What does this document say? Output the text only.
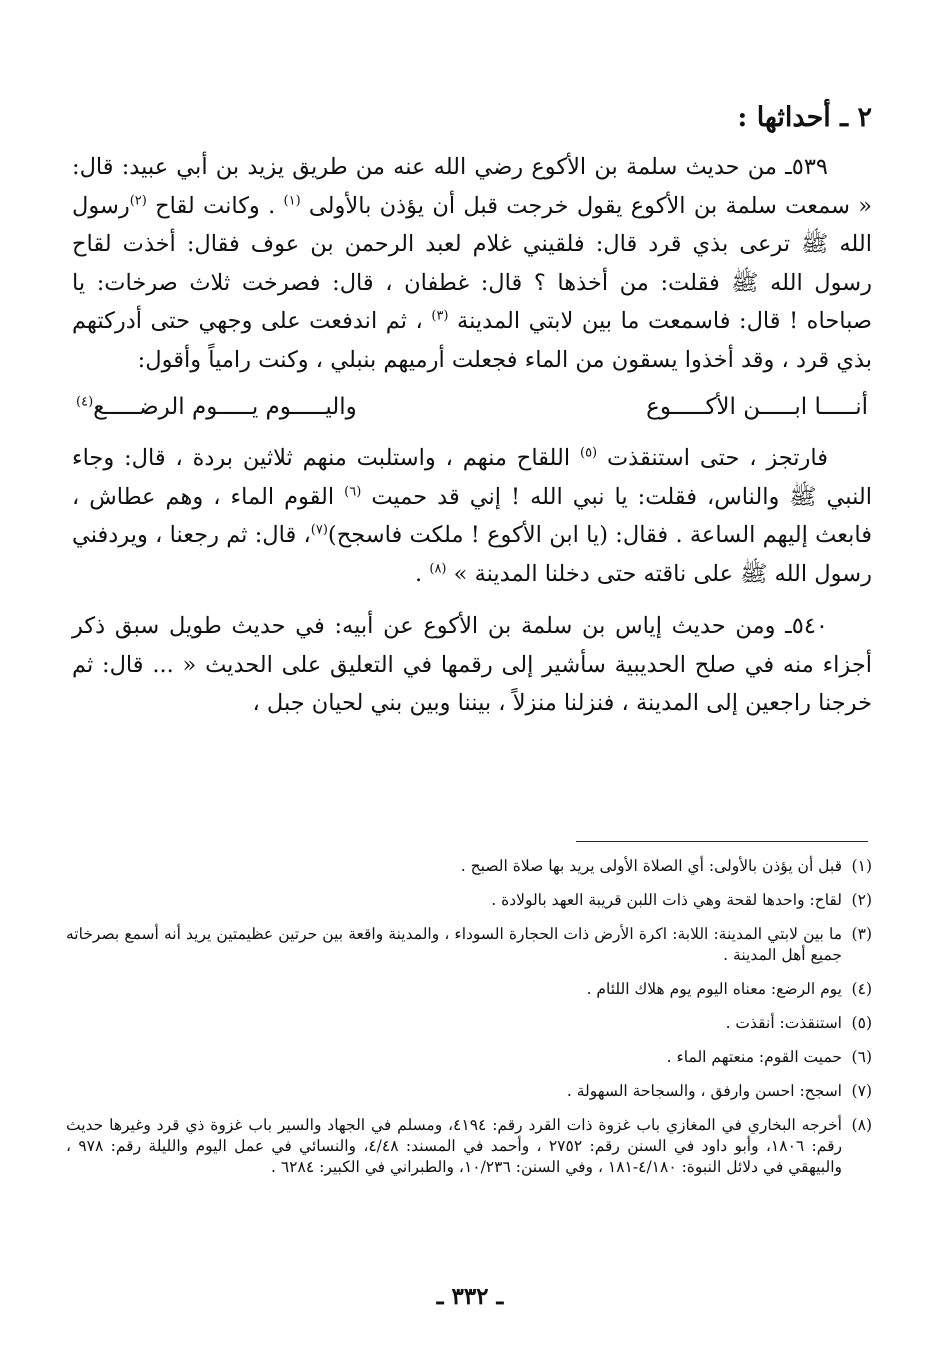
٢ ـ أحداثها :

٥٣٩ـ من حديث سلمة بن الأكوع رضي الله عنه من طريق يزيد بن أبي عبيد: قال: « سمعت سلمة بن الأكوع يقول خرجت قبل أن يؤذن بالأولى $^{(١)}$ . وكانت لقاح $^{(٢)}$رسول الله ﷺ ترعى بذي قرد قال: فلقيني غلام لعبد الرحمن بن عوف فقال: أخذت لقاح رسول الله ﷺ فقلت: من أخذها ؟ قال: غطفان ، قال: فصرخت ثلاث صرخات: يا صباحاه ! قال: فاسمعت ما بين لابتي المدينة $^{(٣)}$ ، ثم اندفعت على وجهي حتى أدركتهم بذي قرد ، وقد أخذوا يسقون من الماء فجعلت أرميهم بنبلي ، وكنت رامياً وأقول:

أنـــــا ابـــــن الأكـــــوع
واليـــــوم يـــــوم الرضـــــع$^{(٤)}$

فارتجز ، حتى استنقذت $^{(٥)}$ اللقاح منهم ، واستلبت منهم ثلاثين بردة ، قال: وجاء النبي ﷺ والناس، فقلت: يا نبي الله ! إني قد حميت $^{(٦)}$ القوم الماء ، وهم عطاش ، فابعث إليهم الساعة . فقال: (يا ابن الأكوع ! ملكت فاسجح)$^{(٧)}$، قال: ثم رجعنا ، ويردفني رسول الله ﷺ على ناقته حتى دخلنا المدينة » $^{(٨)}$ .

٥٤٠ـ ومن حديث إياس بن سلمة بن الأكوع عن أبيه: في حديث طويل سبق ذكر أجزاء منه في صلح الحديبية سأشير إلى رقمها في التعليق على الحديث « ... قال: ثم خرجنا راجعين إلى المدينة ، فنزلنا منزلاً ، بيننا وبين بني لحيان جبل ،

(١)
قبل أن يؤذن بالأولى: أي الصلاة الأولى يريد بها صلاة الصبح .
(٢)
لقاح: واحدها لقحة وهي ذات اللبن قريبة العهد بالولادة .
(٣)
ما بين لابتي المدينة: اللابة: اكرة الأرض ذات الحجارة السوداء ، والمدينة واقعة بين حرتين عظيمتين يريد أنه أسمع بصرخاته جميع أهل المدينة .
(٤)
يوم الرضع: معناه اليوم يوم هلاك اللئام .
(٥)
استنقذت: أنقذت .
(٦)
حميت القوم: منعتهم الماء .
(٧)
اسجح: احسن وارفق ، والسجاحة السهولة .
(٨)
أخرجه البخاري في المغازي باب غزوة ذات القرد رقم: ٤١٩٤، ومسلم في الجهاد والسير باب غزوة ذي قرد وغيرها حديث رقم: ١٨٠٦، وأبو داود في السنن رقم: ٢٧٥٢ ، وأحمد في المسند: ٤/٤٨، والنسائي في عمل اليوم والليلة رقم: ٩٧٨ ، والبيهقي في دلائل النبوة: ٤/١٨٠-١٨١ ، وفي السنن: ١٠/٢٣٦، والطبراني في الكبير: ٦٢٨٤ .
ـ ٣٣٢ ـ
